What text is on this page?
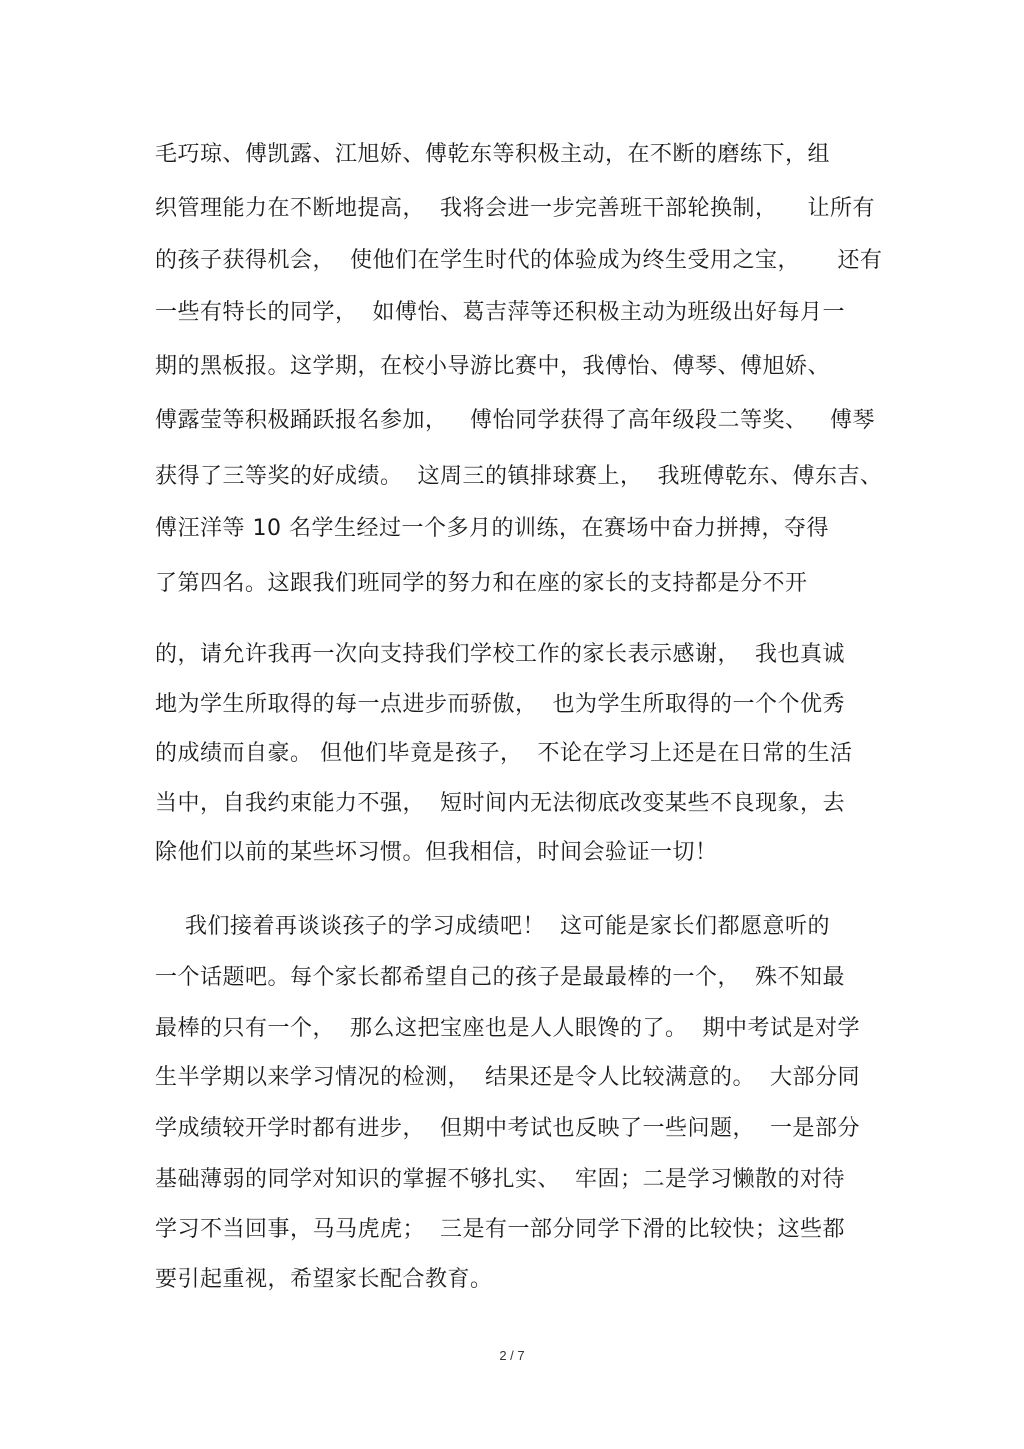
毛巧琼、傅凯露、江旭娇、傅乾东等积极主动，在不断的磨练下，组
织管理能力在不断地提高，  我将会进一步完善班干部轮换制，    让所有
的孩子获得机会，  使他们在学生时代的体验成为终生受用之宝，     还有
一些有特长的同学，  如傅怡、葛吉萍等还积极主动为班级出好每月一
期的黑板报。这学期，在校小导游比赛中，我傅怡、傅琴、傅旭娇、
傅露莹等积极踊跃报名参加，   傅怡同学获得了高年级段二等奖、   傅琴
获得了三等奖的好成绩。  这周三的镇排球赛上，  我班傅乾东、傅东吉、
傅汪洋等 10 名学生经过一个多月的训练，在赛场中奋力拼搏，夺得
了第四名。这跟我们班同学的努力和在座的家长的支持都是分不开
的，请允许我再一次向支持我们学校工作的家长表示感谢，  我也真诚
地为学生所取得的每一点进步而骄傲，  也为学生所取得的一个个优秀
的成绩而自豪。 但他们毕竟是孩子，  不论在学习上还是在日常的生活
当中，自我约束能力不强，  短时间内无法彻底改变某些不良现象，去
除他们以前的某些坏习惯。但我相信，时间会验证一切！
我们接着再谈谈孩子的学习成绩吧！  这可能是家长们都愿意听的
一个话题吧。每个家长都希望自己的孩子是最最棒的一个，  殊不知最
最棒的只有一个，  那么这把宝座也是人人眼馋的了。  期中考试是对学
生半学期以来学习情况的检测，  结果还是令人比较满意的。  大部分同
学成绩较开学时都有进步，  但期中考试也反映了一些问题，  一是部分
基础薄弱的同学对知识的掌握不够扎实、  牢固；二是学习懒散的对待
学习不当回事，马马虎虎；  三是有一部分同学下滑的比较快；这些都
要引起重视，希望家长配合教育。
2 / 7
